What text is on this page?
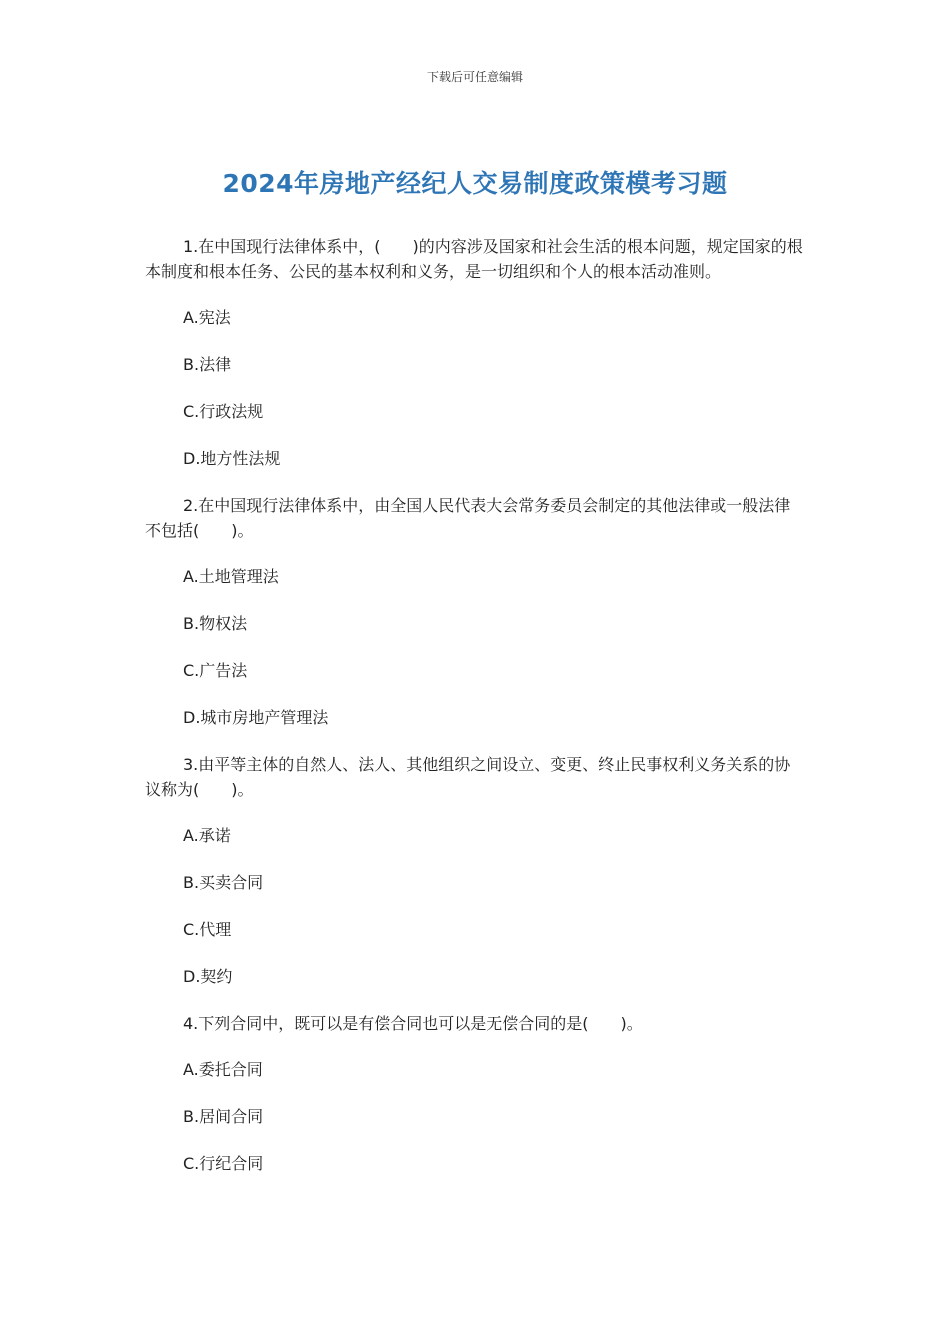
下载后可任意编辑
2024年房地产经纪人交易制度政策模考习题
1.在中国现行法律体系中，(　　)的内容涉及国家和社会生活的根本问题，规定国家的根本制度和根本任务、公民的基本权利和义务，是一切组织和个人的根本活动准则。
A.宪法
B.法律
C.行政法规
D.地方性法规
2.在中国现行法律体系中，由全国人民代表大会常务委员会制定的其他法律或一般法律不包括(　　)。
A.土地管理法
B.物权法
C.广告法
D.城市房地产管理法
3.由平等主体的自然人、法人、其他组织之间设立、变更、终止民事权利义务关系的协议称为(　　)。
A.承诺
B.买卖合同
C.代理
D.契约
4.下列合同中，既可以是有偿合同也可以是无偿合同的是(　　)。
A.委托合同
B.居间合同
C.行纪合同
